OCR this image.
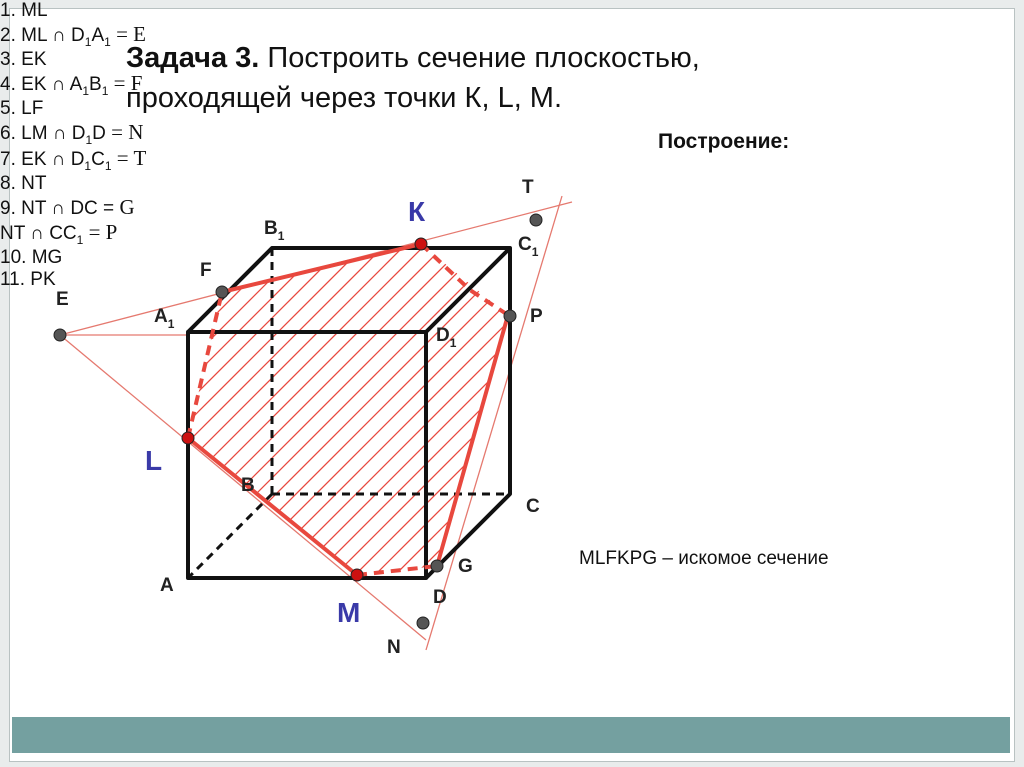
Задача 3. Построить сечение плоскостью,
проходящей через точки К, L, М.
A
B
C
D
$A_1$
$B_1$	$C_1$
$D_1$
E
F
T
P
G
N
К
L
М
Построение:
1. ML
2. ML ∩ $D_1A_1 = E$
3. EK
4. EK ∩ $A_1B_1 = F$
5. LF
6. LM ∩ $D_1D = N$
7. EK ∩ $D_1C_1 = T$
8. NT
9. NT ∩ DC = G
NT ∩ $CC_1 = P$
10. MG
11. PK
MLFKPG – искомое сечение
